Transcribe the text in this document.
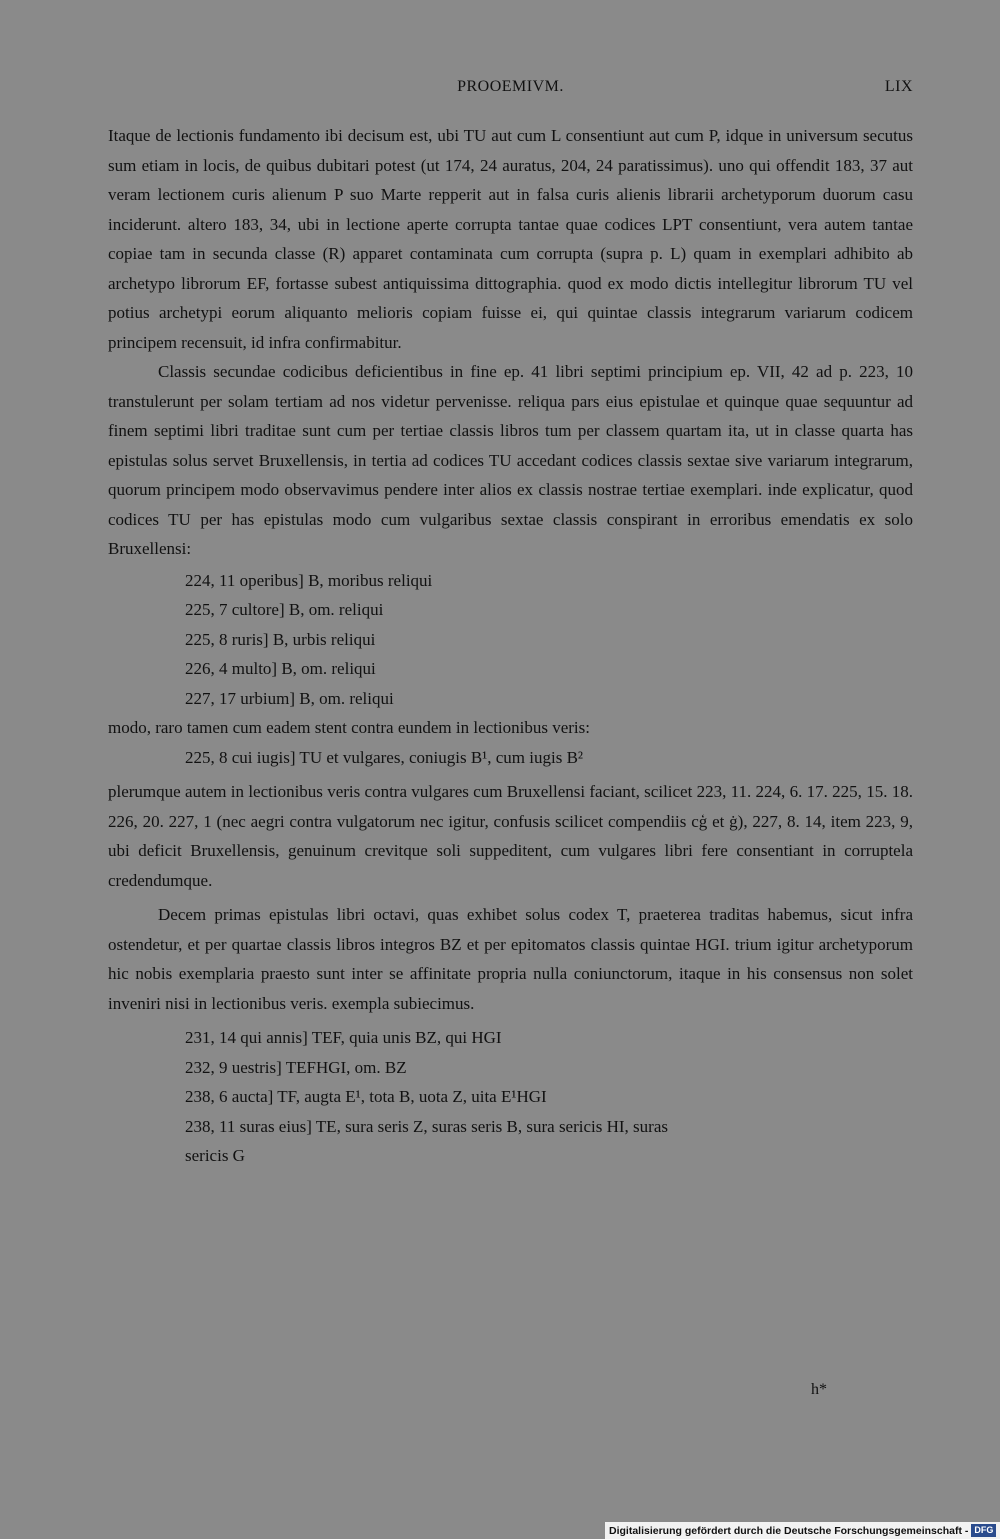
PROOEMIVM.	LIX

Itaque de lectionis fundamento ibi decisum est, ubi TU aut cum L consentiunt aut cum P, idque in universum secutus sum etiam in locis, de quibus dubitari potest (ut 174, 24 auratus, 204, 24 paratissimus). uno qui offendit 183, 37 aut veram lectionem curis alienum P suo Marte repperit aut in falsa curis alienis librarii archetyporum duorum casu inciderunt. altero 183, 34, ubi in lectione aperte corrupta tantae quae codices LPT consentiunt, vera autem tantae copiae tam in secunda classe (R) apparet contaminata cum corrupta (supra p. L) quam in exemplari adhibito ab archetypo librorum EF, fortasse subest antiquissima dittographia. quod ex modo dictis intellegitur librorum TU vel potius archetypi eorum aliquanto melioris copiam fuisse ei, qui quintae classis integrarum variarum codicem principem recensuit, id infra confirmabitur.

Classis secundae codicibus deficientibus in fine ep. 41 libri septimi principium ep. VII, 42 ad p. 223, 10 transtulerunt per solam tertiam ad nos videtur pervenisse. reliqua pars eius epistulae et quinque quae sequuntur ad finem septimi libri traditae sunt cum per tertiae classis libros tum per classem quartam ita, ut in classe quarta has epistulas solus servet Bruxellensis, in tertia ad codices TU accedant codices classis sextae sive variarum integrarum, quorum principem modo observavimus pendere inter alios ex classis nostrae tertiae exemplari. inde explicatur, quod codices TU per has epistulas modo cum vulgaribus sextae classis conspirant in erroribus emendatis ex solo Bruxellensi:

224, 11 operibus] B, moribus reliqui
225, 7 cultore] B, om. reliqui
225, 8 ruris] B, urbis reliqui
226, 4 multo] B, om. reliqui
227, 17 urbium] B, om. reliqui

modo, raro tamen cum eadem stent contra eundem in lectionibus veris:

225, 8 cui iugis] TU et vulgares, coniugis B¹, cum iugis B²

plerumque autem in lectionibus veris contra vulgares cum Bruxellensi faciant, scilicet 223, 11. 224, 6. 17. 225, 15. 18. 226, 20. 227, 1 (nec aegri contra vulgatorum nec igitur, confusis scilicet compendiis cģ et ġ), 227, 8. 14, item 223, 9, ubi deficit Bruxellensis, genuinum crevitque soli suppeditent, cum vulgares libri fere consentiant in corruptela credendumque.

Decem primas epistulas libri octavi, quas exhibet solus codex T, praeterea traditas habemus, sicut infra ostendetur, et per quartae classis libros integros BZ et per epitomatos classis quintae HGI. trium igitur archetyporum hic nobis exemplaria praesto sunt inter se affinitate propria nulla coniunctorum, itaque in his consensus non solet inveniri nisi in lectionibus veris. exempla subiecimus.

231, 14 qui annis] TEF, quia unis BZ, qui HGI
232, 9 uestris] TEFHGI, om. BZ
238, 6 aucta] TF, augta E¹, tota B, uota Z, uita E¹HGI
238, 11 suras eius] TE, sura seris Z, suras seris B, sura sericis HI, suras
sericis G
h*
Digitalisierung gefördert durch die Deutsche Forschungsgemeinschaft - DFG
